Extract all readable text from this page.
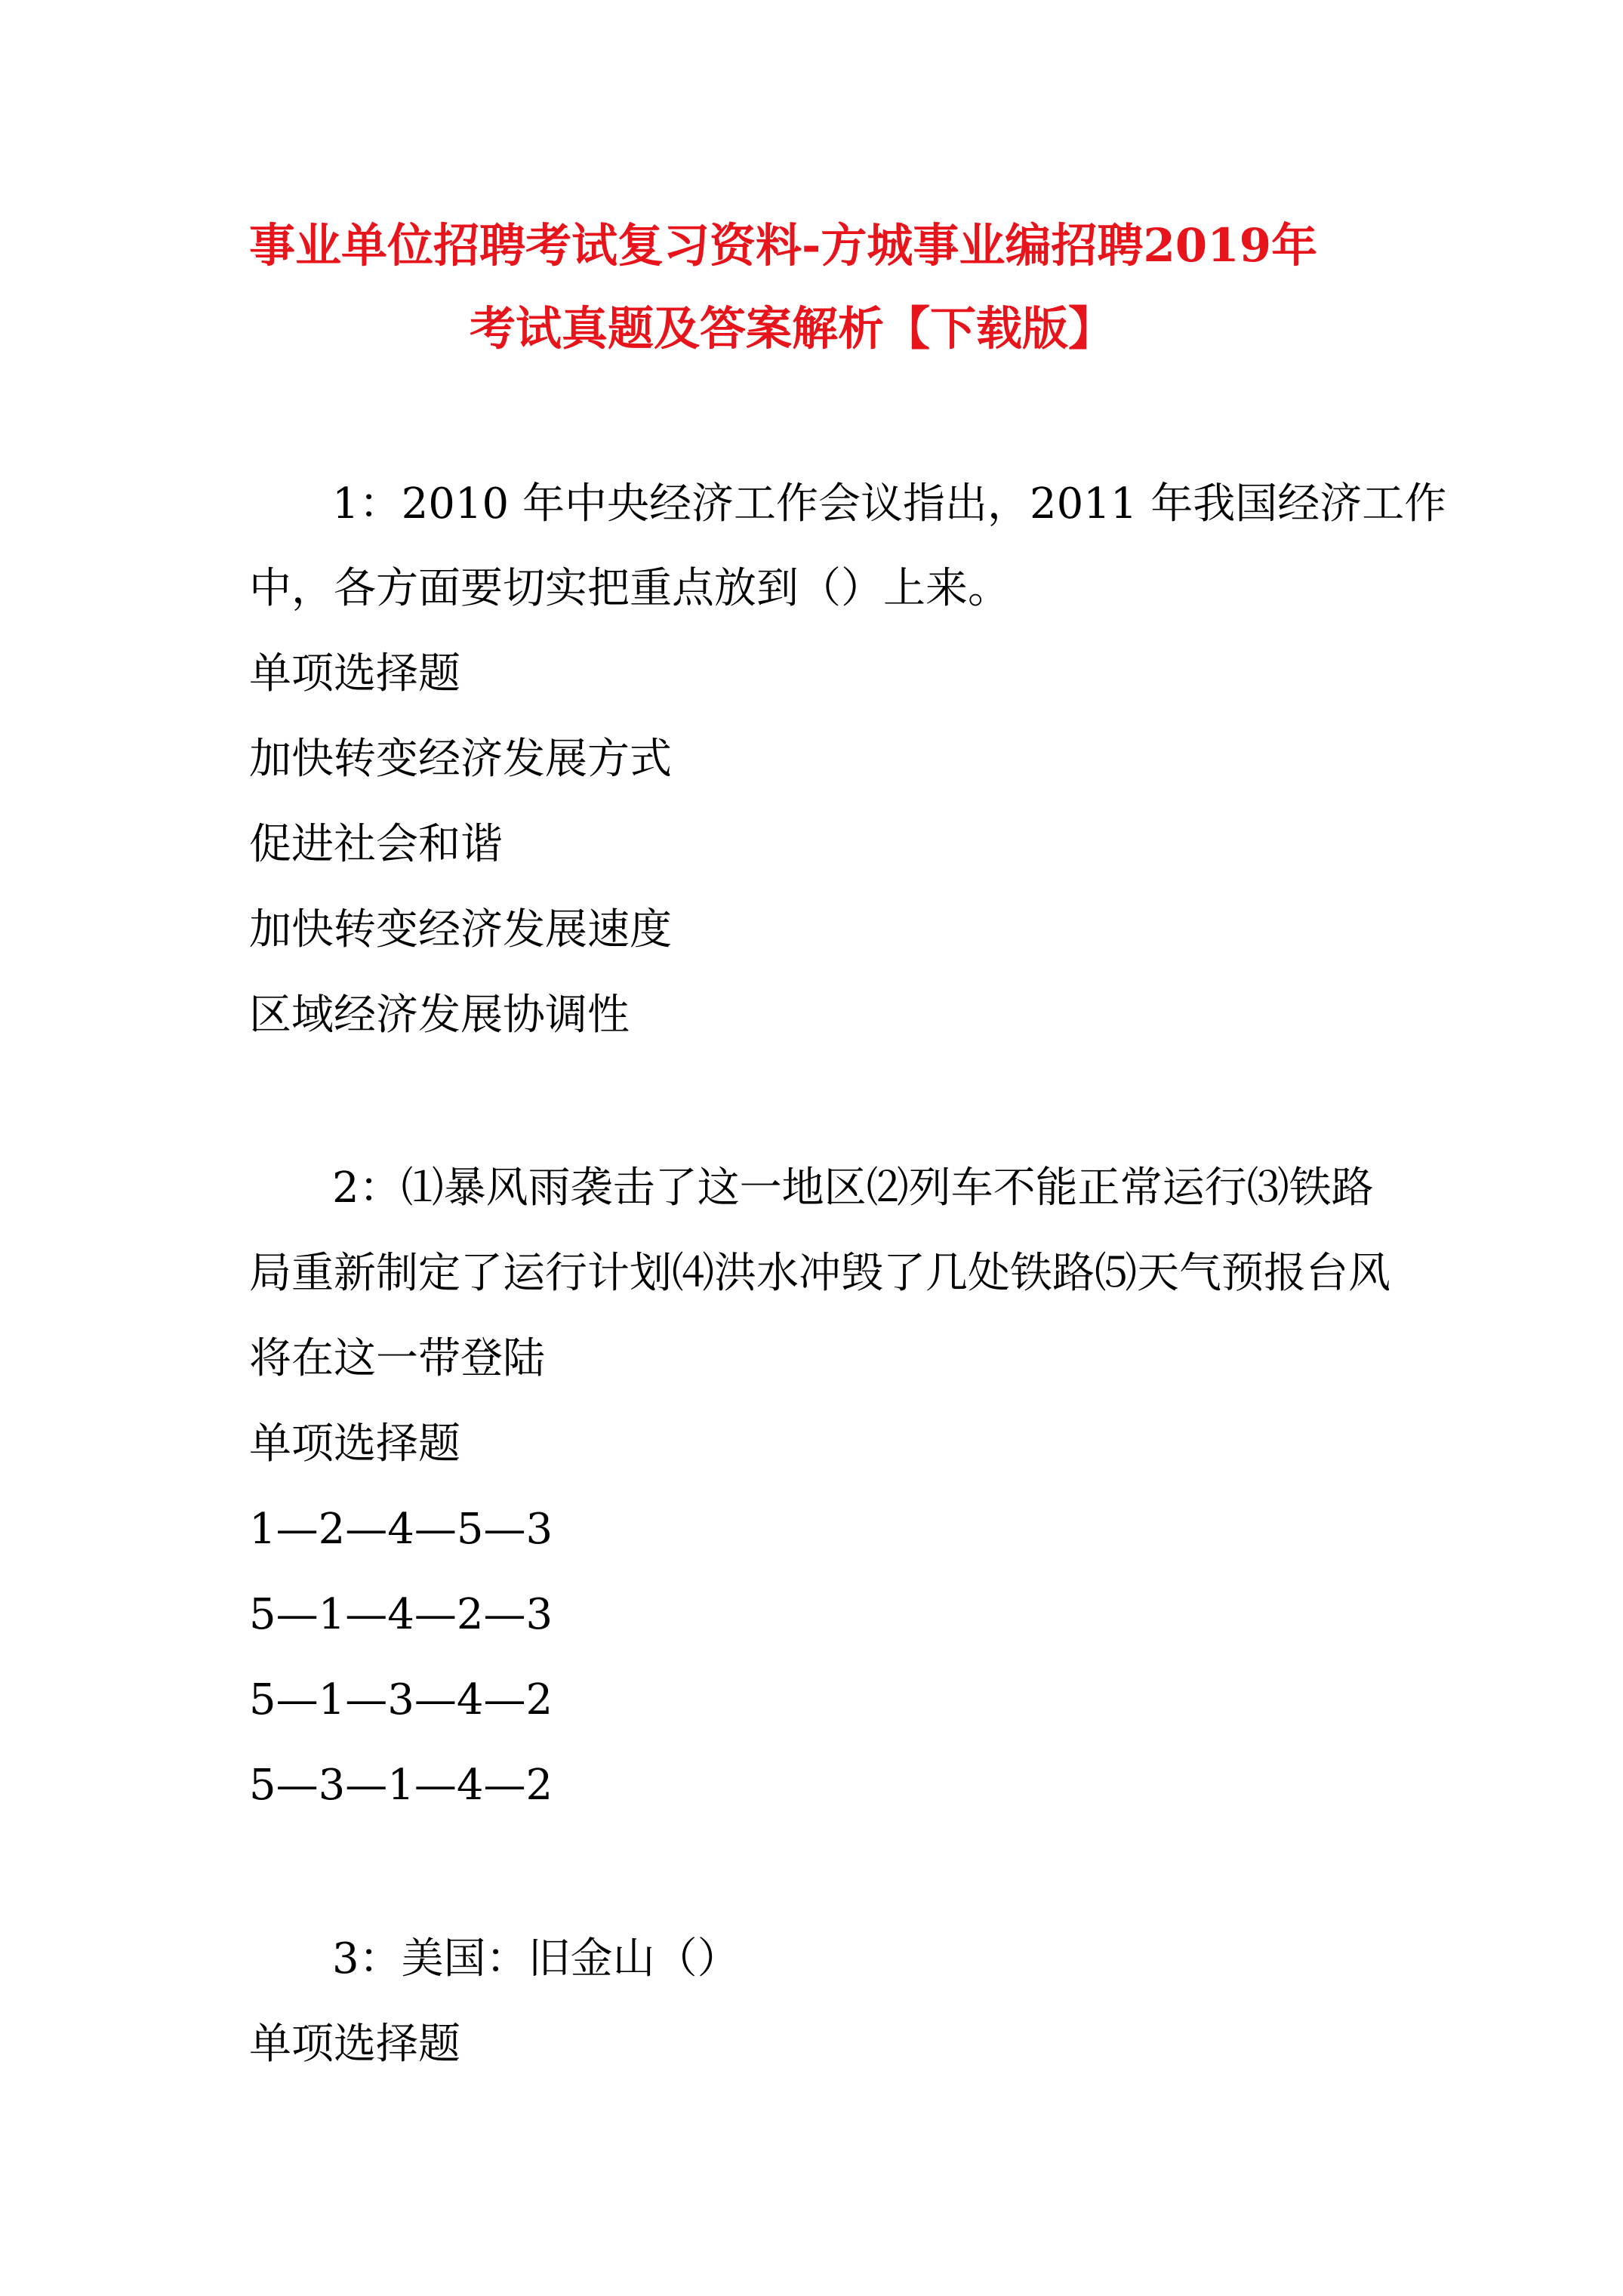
事业单位招聘考试复习资料-方城事业编招聘2019年
考试真题及答案解析【下载版】
1：2010 年中央经济工作会议指出，2011 年我国经济工作
中，各方面要切实把重点放到（）上来。
单项选择题
加快转变经济发展方式
促进社会和谐
加快转变经济发展速度
区域经济发展协调性
2：⑴暴风雨袭击了这一地区⑵列车不能正常运行⑶铁路
局重新制定了运行计划⑷洪水冲毁了几处铁路⑸天气预报台风
将在这一带登陆
单项选择题
1—2—4—5—3
5—1—4—2—3
5—1—3—4—2
5—3—1—4—2
3：美国：旧金山（）
单项选择题
